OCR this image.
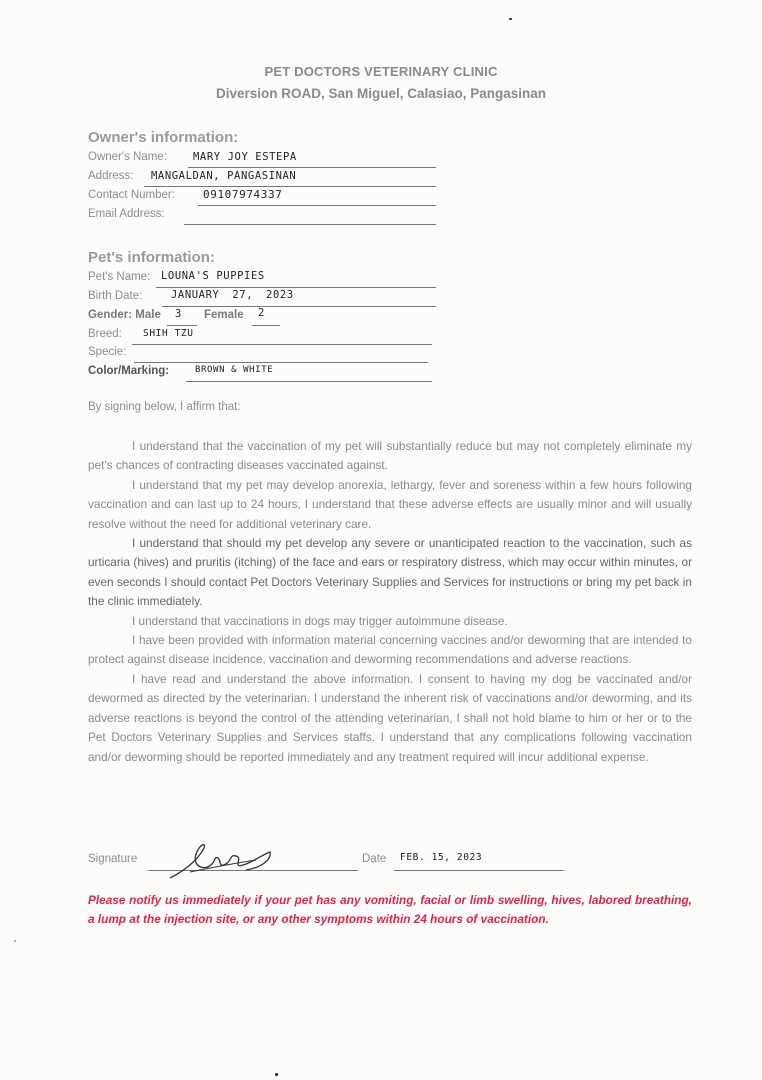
PET DOCTORS VETERINARY CLINIC
Diversion ROAD, San Miguel, Calasiao, Pangasinan
Owner's information:
Owner's Name: MARY JOY ESTEPA
Address: MANGALDAN, PANGASINAN
Contact Number:	09107974337
Email Address:
Pet's information:
Pet's Name: LOUNA'S PUPPIES
Birth Date:	JANUARY 27, 2023
Gender: Male 3 Female 2
Breed: SHIH TZU
Specie:
Color/Marking:	BROWN & WHITE
By signing below, I affirm that:

I understand that the vaccination of my pet will substantially reduce but may not completely eliminate my pet's chances of contracting diseases vaccinated against.

I understand that my pet may develop anorexia, lethargy, fever and soreness within a few hours following vaccination and can last up to 24 hours, I understand that these adverse effects are usually minor and will usually resolve without the need for additional veterinary care.

I understand that should my pet develop any severe or unanticipated reaction to the vaccination, such as urticaria (hives) and pruritis (itching) of the face and ears or respiratory distress, which may occur within minutes, or even seconds I should contact Pet Doctors Veterinary Supplies and Services for instructions or bring my pet back in the clinic immediately.

I understand that vaccinations in dogs may trigger autoimmune disease.

I have been provided with information material concerning vaccines and/or deworming that are intended to protect against disease incidence, vaccination and deworming recommendations and adverse reactions.

I have read and understand the above information. I consent to having my dog be vaccinated and/or dewormed as directed by the veterinarian. I understand the inherent risk of vaccinations and/or deworming, and its adverse reactions is beyond the control of the attending veterinarian, I shall not hold blame to him or her or to the Pet Doctors Veterinary Supplies and Services staffs. I understand that any complications following vaccination and/or deworming should be reported immediately and any treatment required will incur additional expense.

Signature	Date FEB. 15, 2023
Please notify us immediately if your pet has any vomiting, facial or limb swelling, hives, labored breathing, a lump at the injection site, or any other symptoms within 24 hours of vaccination.
